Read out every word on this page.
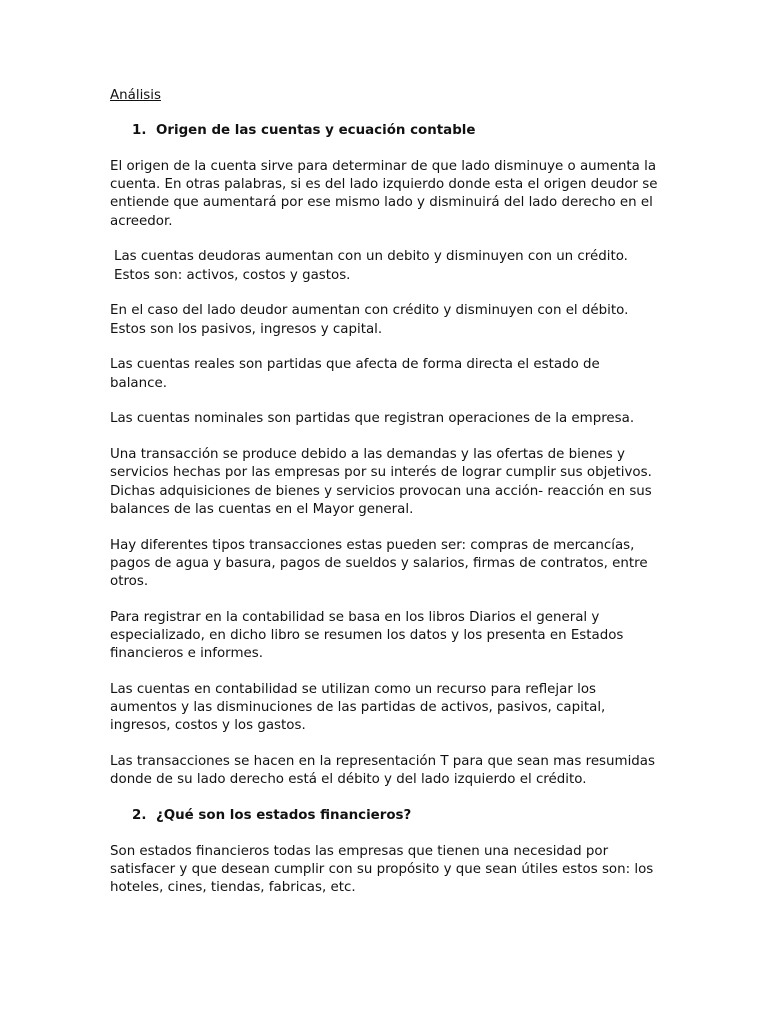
Análisis
1. Origen de las cuentas y ecuación contable

El origen de la cuenta sirve para determinar de que lado disminuye o aumenta la cuenta. En otras palabras, si es del lado izquierdo donde esta el origen deudor se entiende que aumentará por ese mismo lado y disminuirá del lado derecho en el acreedor.

Las cuentas deudoras aumentan con un debito y disminuyen con un crédito. Estos son: activos, costos y gastos.

En el caso del lado deudor aumentan con crédito y disminuyen con el débito. Estos son los pasivos, ingresos y capital.

Las cuentas reales son partidas que afecta de forma directa el estado de balance.

Las cuentas nominales son partidas que registran operaciones de la empresa.

Una transacción se produce debido a las demandas y las ofertas de bienes y servicios hechas por las empresas por su interés de lograr cumplir sus objetivos. Dichas adquisiciones de bienes y servicios provocan una acción- reacción en sus balances de las cuentas en el Mayor general.

Hay diferentes tipos transacciones estas pueden ser: compras de mercancías, pagos de agua y basura, pagos de sueldos y salarios, firmas de contratos, entre otros.

Para registrar en la contabilidad se basa en los libros Diarios el general y especializado, en dicho libro se resumen los datos y los presenta en Estados financieros e informes.

Las cuentas en contabilidad se utilizan como un recurso para reflejar los aumentos y las disminuciones de las partidas de activos, pasivos, capital, ingresos, costos y los gastos.

Las transacciones se hacen en la representación T para que sean mas resumidas donde de su lado derecho está el débito y del lado izquierdo el crédito.

2. ¿Qué son los estados financieros?

Son estados financieros todas las empresas que tienen una necesidad por satisfacer y que desean cumplir con su propósito y que sean útiles estos son: los hoteles, cines, tiendas, fabricas, etc.
